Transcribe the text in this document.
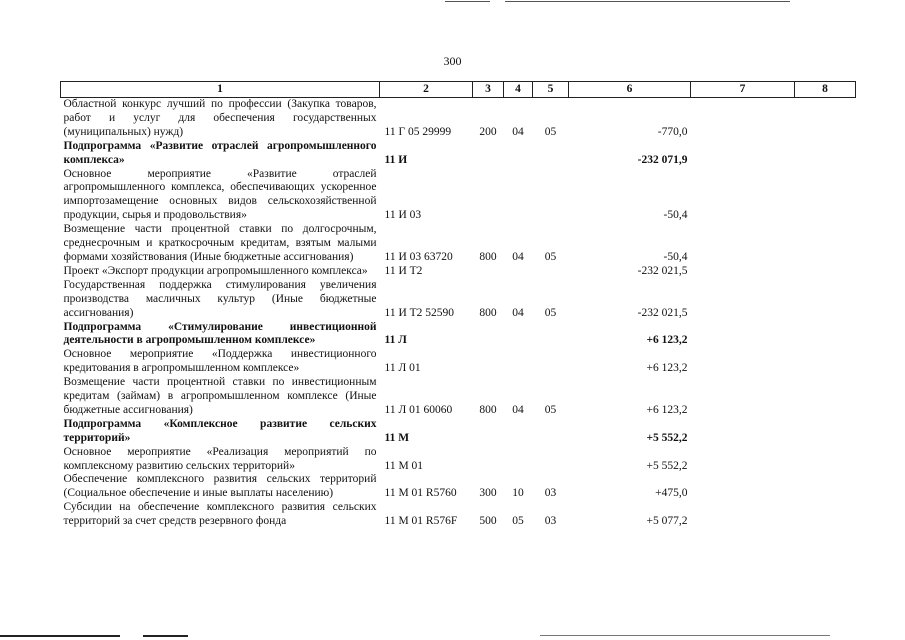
300
1	2	3	4	5	6	7	8
Областной конкурс лучший по профессии (Закупка товаров, работ и услуг для обеспечения государственных (муниципальных) нужд)	11 Г 05 29999	200	04	05	-770,0		
Подпрограмма «Развитие отраслей агропромышленного комплекса»	11 И				-232 071,9		
Основное мероприятие «Развитие отраслей агропромышленного комплекса, обеспечивающих ускоренное импортозамещение основных видов сельскохозяйственной продукции, сырья и продовольствия»	11 И 03				-50,4		
Возмещение части процентной ставки по долгосрочным, среднесрочным и краткосрочным кредитам, взятым малыми формами хозяйствования (Иные бюджетные ассигнования)	11 И 03 63720	800	04	05	-50,4		
Проект «Экспорт продукции агропромышленного комплекса»	11 И Т2				-232 021,5		
Государственная поддержка стимулирования увеличения производства масличных культур (Иные бюджетные ассигнования)	11 И Т2 52590	800	04	05	-232 021,5		
Подпрограмма «Стимулирование инвестиционной деятельности в агропромышленном комплексе»	11 Л				+6 123,2		
Основное мероприятие «Поддержка инвестиционного кредитования в агропромышленном комплексе»	11 Л 01				+6 123,2		
Возмещение части процентной ставки по инвестиционным кредитам (займам) в агропромышленном комплексе (Иные бюджетные ассигнования)	11 Л 01 60060	800	04	05	+6 123,2		
Подпрограмма «Комплексное развитие сельских территорий»	11 М				+5 552,2		
Основное мероприятие «Реализация мероприятий по комплексному развитию сельских территорий»	11 М 01				+5 552,2		
Обеспечение комплексного развития сельских территорий (Социальное обеспечение и иные выплаты населению)	11 М 01 R5760	300	10	03	+475,0		
Субсидии на обеспечение комплексного развития сельских территорий за счет средств резервного фонда	11 М 01 R576F	500	05	03	+5 077,2		
